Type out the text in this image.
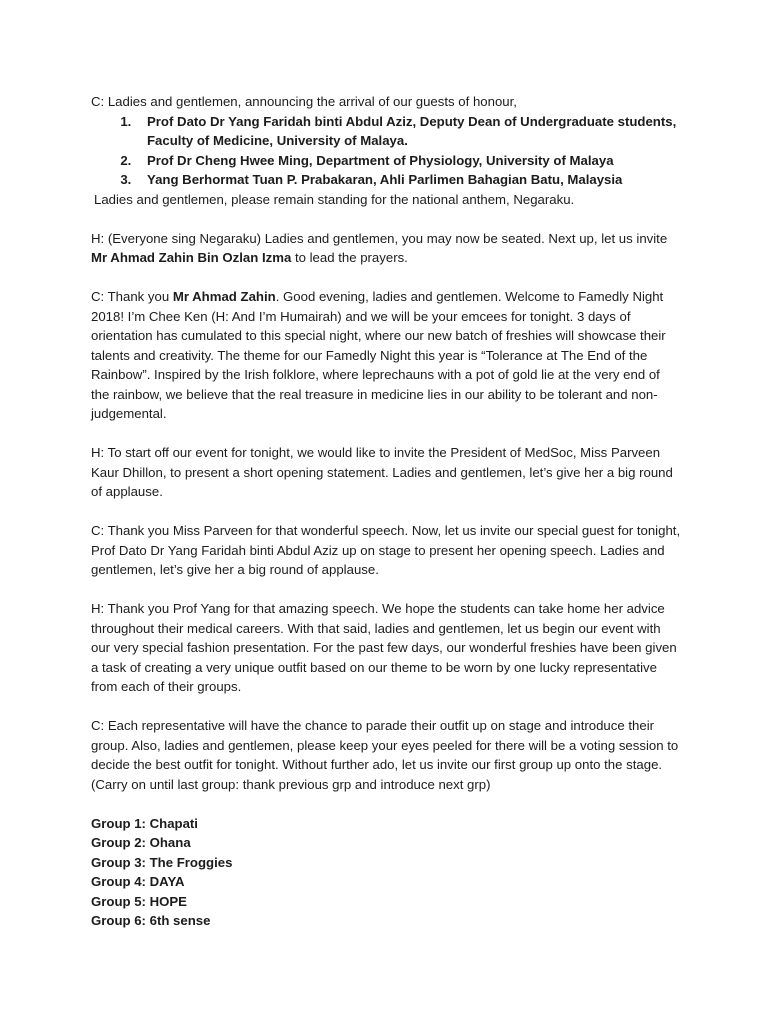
C: Ladies and gentlemen, announcing the arrival of our guests of honour,

1. Prof Dato Dr Yang Faridah binti Abdul Aziz, Deputy Dean of Undergraduate students, Faculty of Medicine, University of Malaya.
2. Prof Dr Cheng Hwee Ming, Department of Physiology, University of Malaya
3. Yang Berhormat Tuan P. Prabakaran, Ahli Parlimen Bahagian Batu, Malaysia

Ladies and gentlemen, please remain standing for the national anthem, Negaraku.

H: (Everyone sing Negaraku) Ladies and gentlemen, you may now be seated. Next up, let us invite Mr Ahmad Zahin Bin Ozlan Izma to lead the prayers.

C: Thank you Mr Ahmad Zahin. Good evening, ladies and gentlemen. Welcome to Famedly Night 2018! I’m Chee Ken (H: And I’m Humairah) and we will be your emcees for tonight. 3 days of orientation has cumulated to this special night, where our new batch of freshies will showcase their talents and creativity. The theme for our Famedly Night this year is “Tolerance at The End of the Rainbow”. Inspired by the Irish folklore, where leprechauns with a pot of gold lie at the very end of the rainbow, we believe that the real treasure in medicine lies in our ability to be tolerant and non-judgemental.

H: To start off our event for tonight, we would like to invite the President of MedSoc, Miss Parveen Kaur Dhillon, to present a short opening statement. Ladies and gentlemen, let’s give her a big round of applause.

C: Thank you Miss Parveen for that wonderful speech. Now, let us invite our special guest for tonight, Prof Dato Dr Yang Faridah binti Abdul Aziz up on stage to present her opening speech. Ladies and gentlemen, let’s give her a big round of applause.

H: Thank you Prof Yang for that amazing speech. We hope the students can take home her advice throughout their medical careers. With that said, ladies and gentlemen, let us begin our event with our very special fashion presentation. For the past few days, our wonderful freshies have been given a task of creating a very unique outfit based on our theme to be worn by one lucky representative from each of their groups.

C: Each representative will have the chance to parade their outfit up on stage and introduce their group. Also, ladies and gentlemen, please keep your eyes peeled for there will be a voting session to decide the best outfit for tonight. Without further ado, let us invite our first group up onto the stage. (Carry on until last group: thank previous grp and introduce next grp)

Group 1: Chapati
Group 2: Ohana
Group 3: The Froggies
Group 4: DAYA
Group 5: HOPE
Group 6: 6th sense
